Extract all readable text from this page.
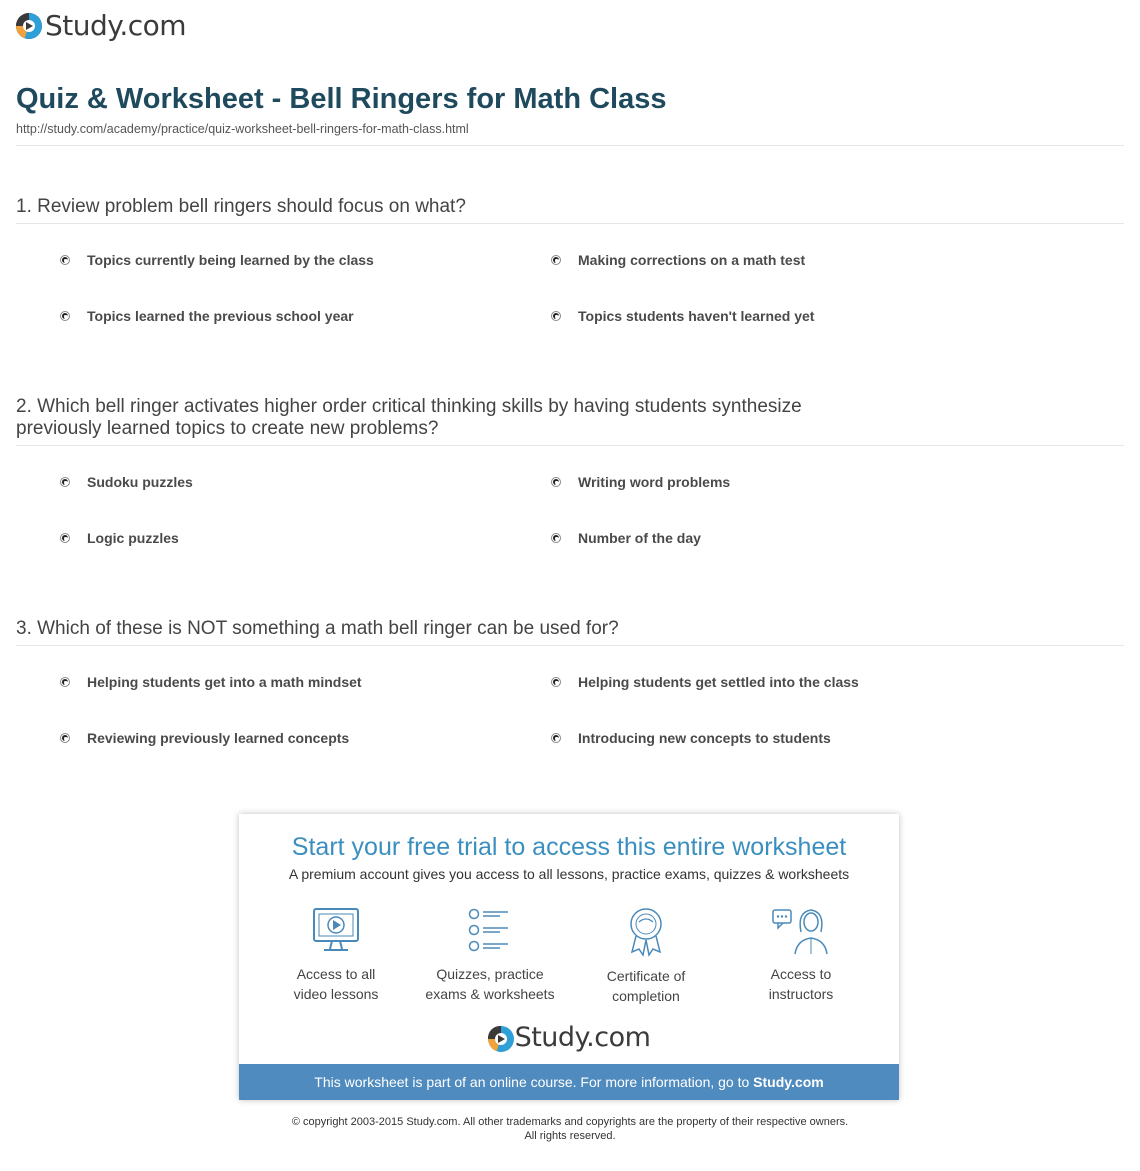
Study.com
Quiz & Worksheet - Bell Ringers for Math Class
http://study.com/academy/practice/quiz-worksheet-bell-ringers-for-math-class.html
1. Review problem bell ringers should focus on what?
Topics currently being learned by the class	Making corrections on a math test
Topics learned the previous school year	Topics students haven't learned yet
2. Which bell ringer activates higher order critical thinking skills by having students synthesize previously learned topics to create new problems?
Sudoku puzzles	Writing word problems
Logic puzzles	Number of the day
3. Which of these is NOT something a math bell ringer can be used for?
Helping students get into a math mindset	Helping students get settled into the class
Reviewing previously learned concepts	Introducing new concepts to students
Start your free trial to access this entire worksheet
A premium account gives you access to all lessons, practice exams, quizzes & worksheets
Access to all
video lessons
Quizzes, practice
exams & worksheets
Certificate of
completion
Access to
instructors
Study.com
This worksheet is part of an online course. For more information, go to Study.com
© copyright 2003-2015 Study.com. All other trademarks and copyrights are the property of their respective owners.
All rights reserved.
